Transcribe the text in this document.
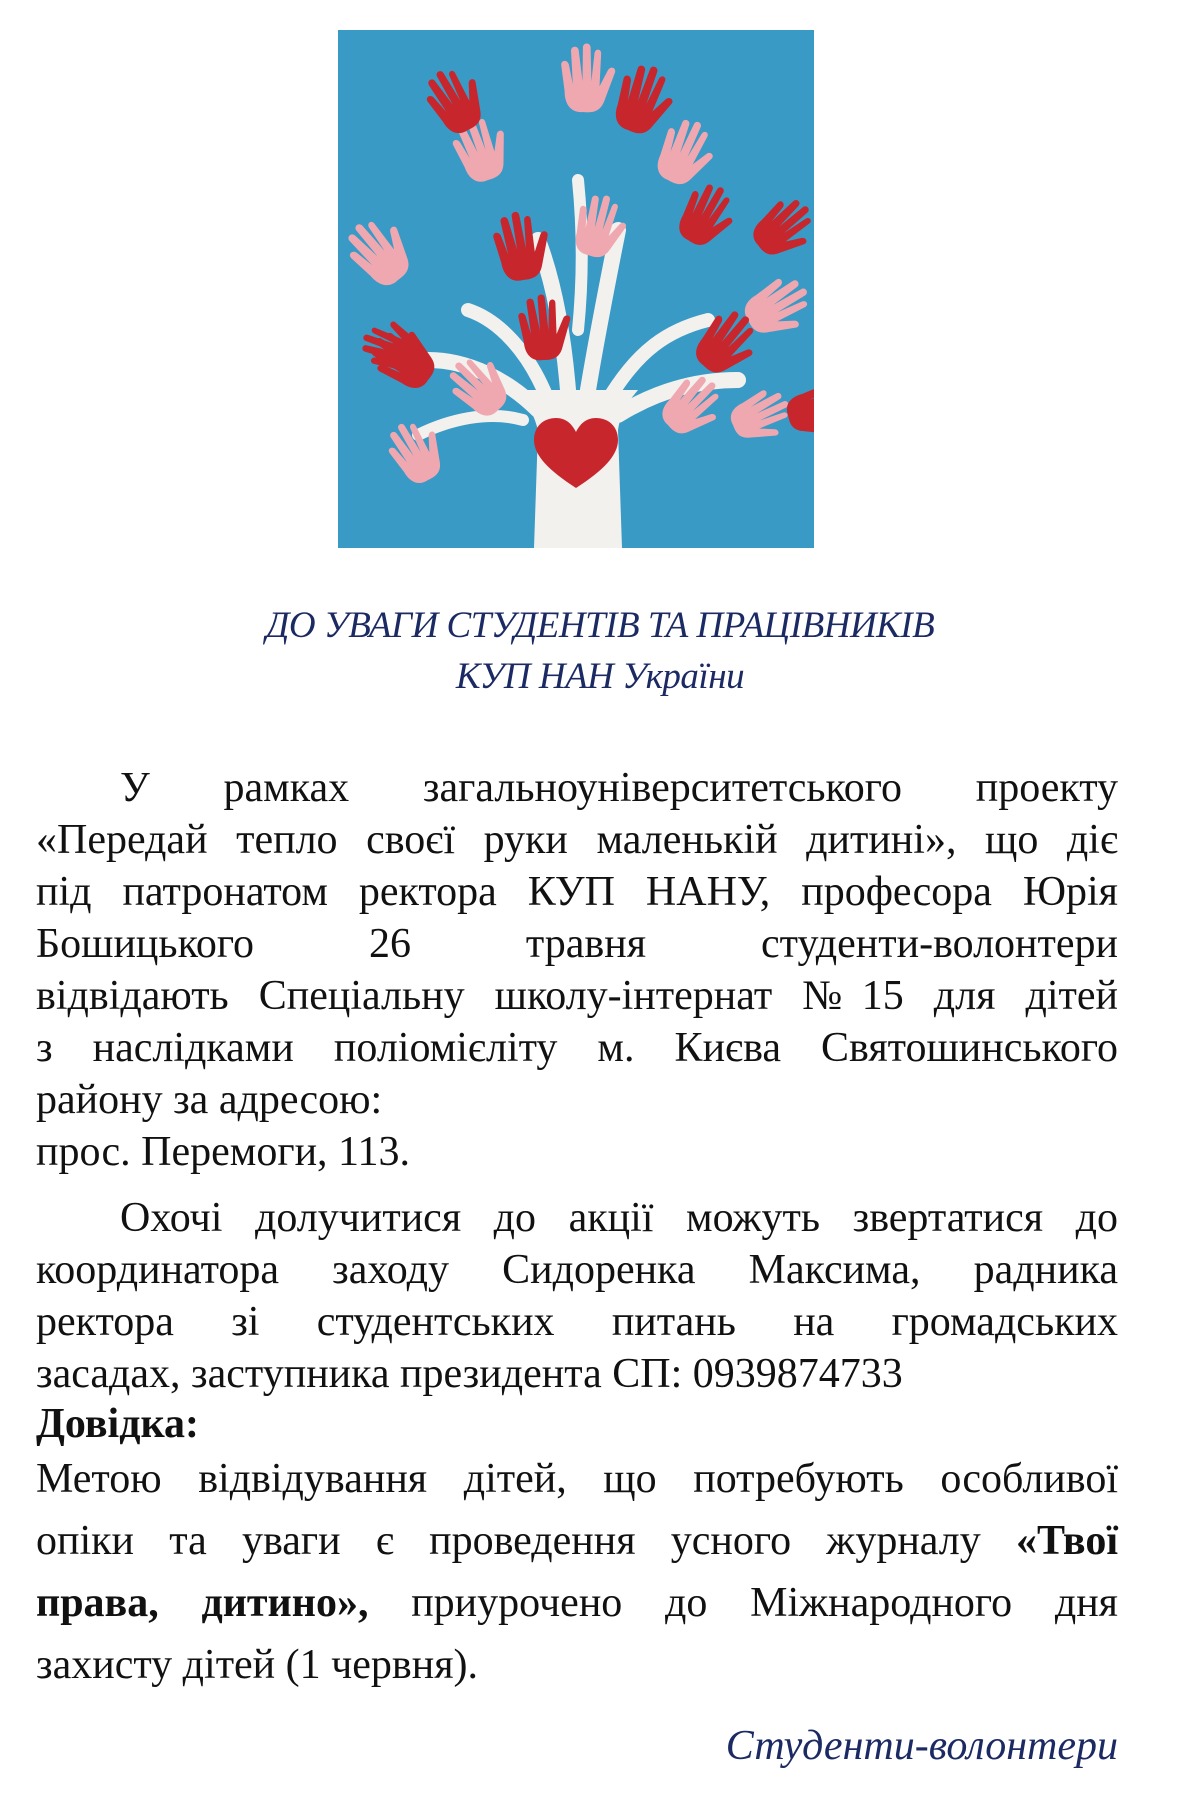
ДО УВАГИ СТУДЕНТІВ ТА ПРАЦІВНИКІВ
КУП НАН України
У рамках загальноуніверситетського проекту
«Передай тепло своєї руки маленькій дитині», що діє
під патронатом ректора КУП НАНУ, професора Юрія
Бошицького 26 травня студенти-волонтери
відвідають Спеціальну школу-інтернат №15 для дітей
з наслідками поліомієліту м. Києва Святошинського
району за адресою:
прос. Перемоги, 113.
Охочі долучитися до акції можуть звертатися до
координатора заходу Сидоренка Максима, радника
ректора зі студентських питань на громадських
засадах, заступника президента СП: 0939874733
Довідка:
Метою відвідування дітей, що потребують особливої
опіки та уваги є проведення усного журналу «Твої
права, дитино», приурочено до Міжнародного дня
захисту дітей (1 червня).
Студенти-волонтери
